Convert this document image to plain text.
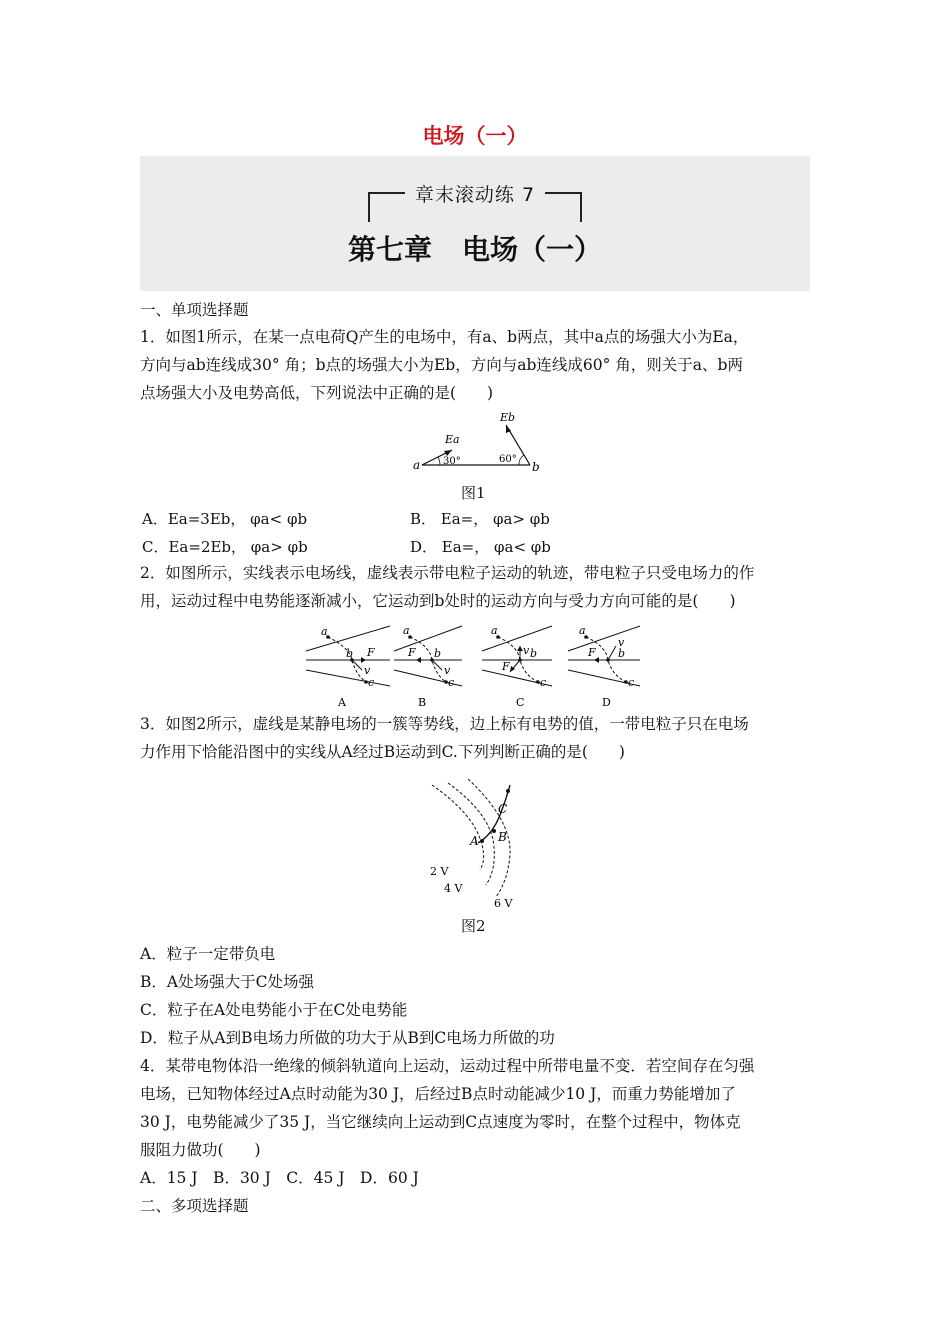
电场（一）
章末滚动练 7
第七章 电场（一）
一、单项选择题
1．如图1所示，在某一点电荷Q产生的电场中，有a、b两点，其中a点的场强大小为Ea，
方向与ab连线成30° 角；b点的场强大小为Eb，方向与ab连线成60° 角，则关于a、b两
点场强大小及电势高低，下列说法中正确的是(　　)
Eb
Ea
a	b
30°	60°
图1
A．Ea=3Eb， φa< φb	B． Ea=， φa> φb
C．Ea=2Eb， φa> φb	D． Ea=， φa< φb
2．如图所示，实线表示电场线，虚线表示带电粒子运动的轨迹，带电粒子只受电场力的作
用，运动过程中电势能逐渐减小，它运动到b处时的运动方向与受力方向可能的是(　　)
a
b F
v
c
A
a
b
F
v
c
B
a
v b
F
c
C
a
v
b
F
c
D
3．如图2所示，虚线是某静电场的一簇等势线，边上标有电势的值，一带电粒子只在电场
力作用下恰能沿图中的实线从A经过B运动到C.下列判断正确的是(　　)
A B
C
2 V
4 V
6 V
图2
A．粒子一定带负电
B．A处场强大于C处场强
C．粒子在A处电势能小于在C处电势能
D．粒子从A到B电场力所做的功大于从B到C电场力所做的功
4．某带电物体沿一绝缘的倾斜轨道向上运动，运动过程中所带电量不变．若空间存在匀强
电场，已知物体经过A点时动能为30 J，后经过B点时动能减少10 J，而重力势能增加了
30 J，电势能减少了35 J，当它继续向上运动到C点速度为零时，在整个过程中，物体克
服阻力做功(　　)
A．15 J　B．30 J　C．45 J　D．60 J
二、多项选择题
